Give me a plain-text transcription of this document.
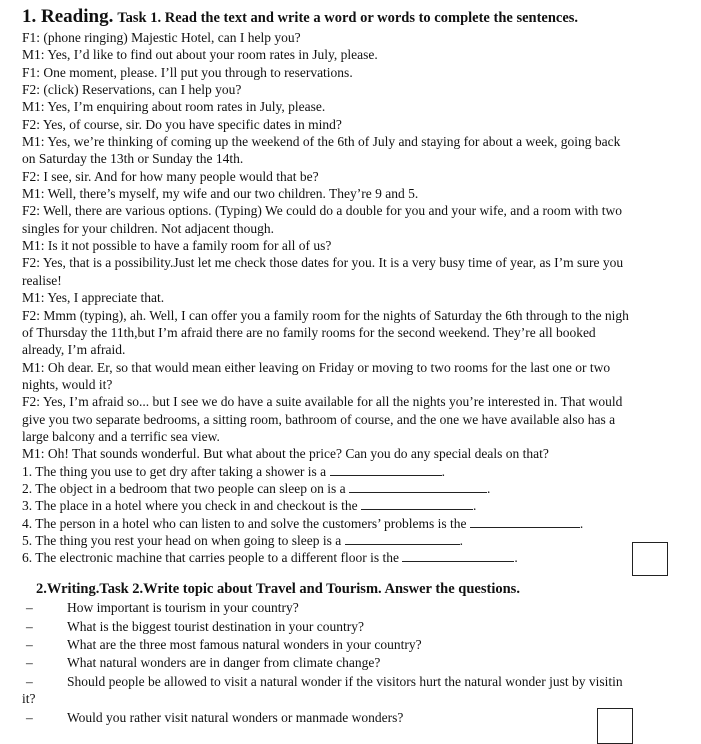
1. Reading. Task 1. Read the text and write a word or words to complete the sentences.
F1: (phone ringing) Majestic Hotel, can I help you?
M1: Yes, I’d like to find out about your room rates in July, please.
F1: One moment, please. I’ll put you through to reservations.
F2: (click) Reservations, can I help you?
M1: Yes, I’m enquiring about room rates in July, please.
F2: Yes, of course, sir. Do you have specific dates in mind?
M1: Yes, we’re thinking of coming up the weekend of the 6th of July and staying for about a week, going back
on Saturday the 13th or Sunday the 14th.
F2: I see, sir. And for how many people would that be?
M1: Well, there’s myself, my wife and our two children. They’re 9 and 5.
F2: Well, there are various options. (Typing) We could do a double for you and your wife, and a room with two
singles for your children. Not adjacent though.
M1: Is it not possible to have a family room for all of us?
F2: Yes, that is a possibility.Just let me check those dates for you. It is a very busy time of year, as I’m sure you
realise!
M1: Yes, I appreciate that.
F2: Mmm (typing), ah. Well, I can offer you a family room for the nights of Saturday the 6th through to the nigh
of Thursday the 11th,but I’m afraid there are no family rooms for the second weekend. They’re all booked
already, I’m afraid.
M1: Oh dear. Er, so that would mean either leaving on Friday or moving to two rooms for the last one or two
nights, would it?
F2: Yes, I’m afraid so... but I see we do have a suite available for all the nights you’re interested in. That would
give you two separate bedrooms, a sitting room, bathroom of course, and the one we have available also has a
large balcony and a terrific sea view.
M1: Oh! That sounds wonderful. But what about the price? Can you do any special deals on that?
1. The thing you use to get dry after taking a shower is a	.
2. The object in a bedroom that two people can sleep on is a	.
3. The place in a hotel where you check in and checkout is the	.
4. The person in a hotel who can listen to and solve the customers’ problems is the	.
5. The thing you rest your head on when going to sleep is a	.
6. The electronic machine that carries people to a different floor is the	.
2.Writing.Task 2.Write topic about Travel and Tourism. Answer the questions.
–	How important is tourism in your country?
–	What is the biggest tourist destination in your country?
–	What are the three most famous natural wonders in your country?
–	What natural wonders are in danger from climate change?
–	Should people be allowed to visit a natural wonder if the visitors hurt the natural wonder just by visitin
it?
–	Would you rather visit natural wonders or manmade wonders?
